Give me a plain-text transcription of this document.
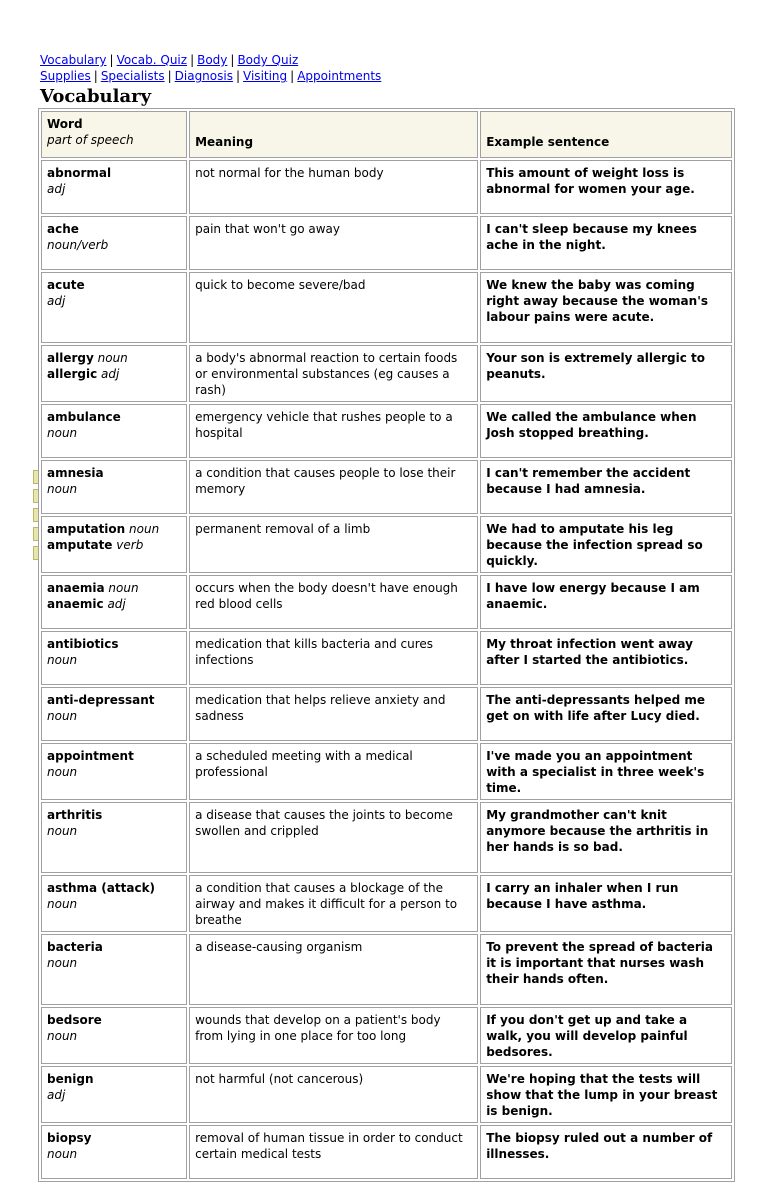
Vocabulary | Vocab. Quiz | Body | Body Quiz
Supplies | Specialists | Diagnosis | Visiting | Appointments
Vocabulary
Word
part of speech	Meaning	Example sentence

abnormal
adj	not normal for the human body	This amount of weight loss is abnormal for women your age.

ache
noun/verb	pain that won't go away	I can't sleep because my knees ache in the night.

acute
adj	quick to become severe/bad	We knew the baby was coming right away because the woman's labour pains were acute.

allergy noun
allergic adj	a body's abnormal reaction to certain foods or environmental substances (eg causes a rash)	Your son is extremely allergic to peanuts.

ambulance
noun	emergency vehicle that rushes people to a hospital	We called the ambulance when Josh stopped breathing.

amnesia
noun	a condition that causes people to lose their memory	I can't remember the accident because I had amnesia.

amputation noun
amputate verb	permanent removal of a limb	We had to amputate his leg because the infection spread so quickly.

anaemia noun
anaemic adj	occurs when the body doesn't have enough red blood cells	I have low energy because I am anaemic.

antibiotics
noun	medication that kills bacteria and cures infections	My throat infection went away after I started the antibiotics.

anti-depressant
noun	medication that helps relieve anxiety and sadness	The anti-depressants helped me get on with life after Lucy died.

appointment
noun	a scheduled meeting with a medical professional	I've made you an appointment with a specialist in three week's time.

arthritis
noun	a disease that causes the joints to become swollen and crippled	My grandmother can't knit anymore because the arthritis in her hands is so bad.

asthma (attack)
noun	a condition that causes a blockage of the airway and makes it difficult for a person to breathe	I carry an inhaler when I run because I have asthma.

bacteria
noun	a disease-causing organism	To prevent the spread of bacteria it is important that nurses wash their hands often.

bedsore
noun	wounds that develop on a patient's body from lying in one place for too long	If you don't get up and take a walk, you will develop painful bedsores.

benign
adj	not harmful (not cancerous)	We're hoping that the tests will show that the lump in your breast is benign.

biopsy
noun	removal of human tissue in order to conduct certain medical tests	The biopsy ruled out a number of illnesses.
